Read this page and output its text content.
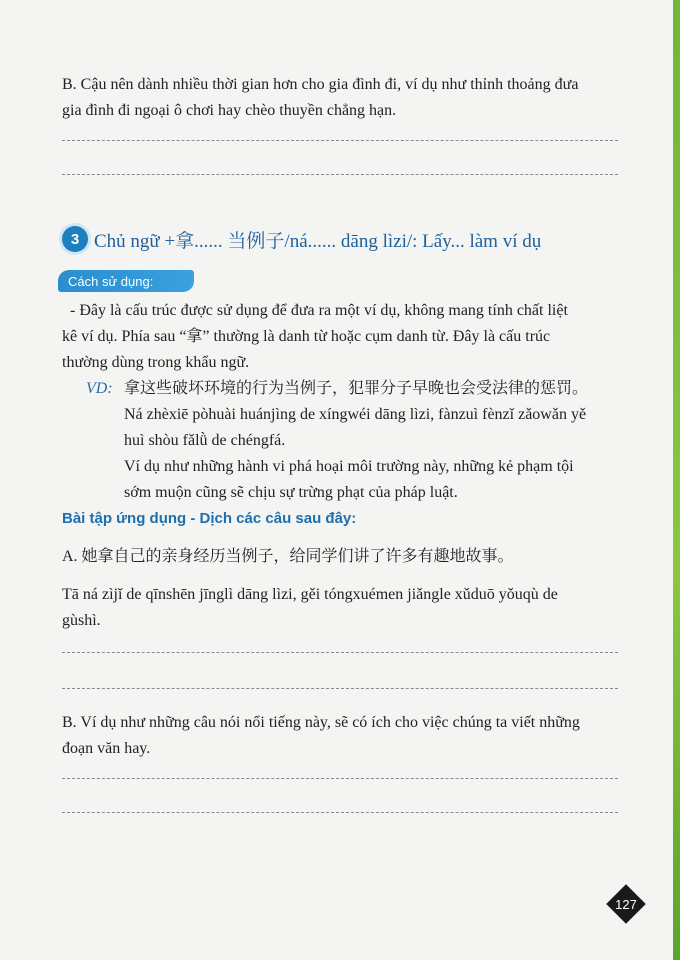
B. Cậu nên dành nhiều thời gian hơn cho gia đình đi, ví dụ như thỉnh thoảng đưa
gia đình đi ngoại ô chơi hay chèo thuyền chẳng hạn.
3 Chủ ngữ +拿...... 当例子/ná...... dāng lìzi/: Lấy... làm ví dụ
Cách sử dụng:
- Đây là cấu trúc được sử dụng để đưa ra một ví dụ, không mang tính chất liệt
kê ví dụ. Phía sau “拿” thường là danh từ hoặc cụm danh từ. Đây là cấu trúc
thường dùng trong khẩu ngữ.
VD: 拿这些破坏环境的行为当例子，犯罪分子早晚也会受法律的惩罚。
Ná zhèxiē pòhuài huánjìng de xíngwéi dāng lìzi, fànzuì fènzǐ zǎowǎn yě
huì shòu fǎlǜ de chéngfá.
Ví dụ như những hành vi phá hoại môi trường này, những kẻ phạm tội
sớm muộn cũng sẽ chịu sự trừng phạt của pháp luật.
Bài tập ứng dụng - Dịch các câu sau đây:
A. 她拿自己的亲身经历当例子，给同学们讲了许多有趣地故事。
Tā ná zìjǐ de qīnshēn jīnglì dāng lìzi, gěi tóngxuémen jiǎngle xǔduō yǒuqù de
gùshì.
B. Ví dụ như những câu nói nổi tiếng này, sẽ có ích cho việc chúng ta viết những
đoạn văn hay.
127
